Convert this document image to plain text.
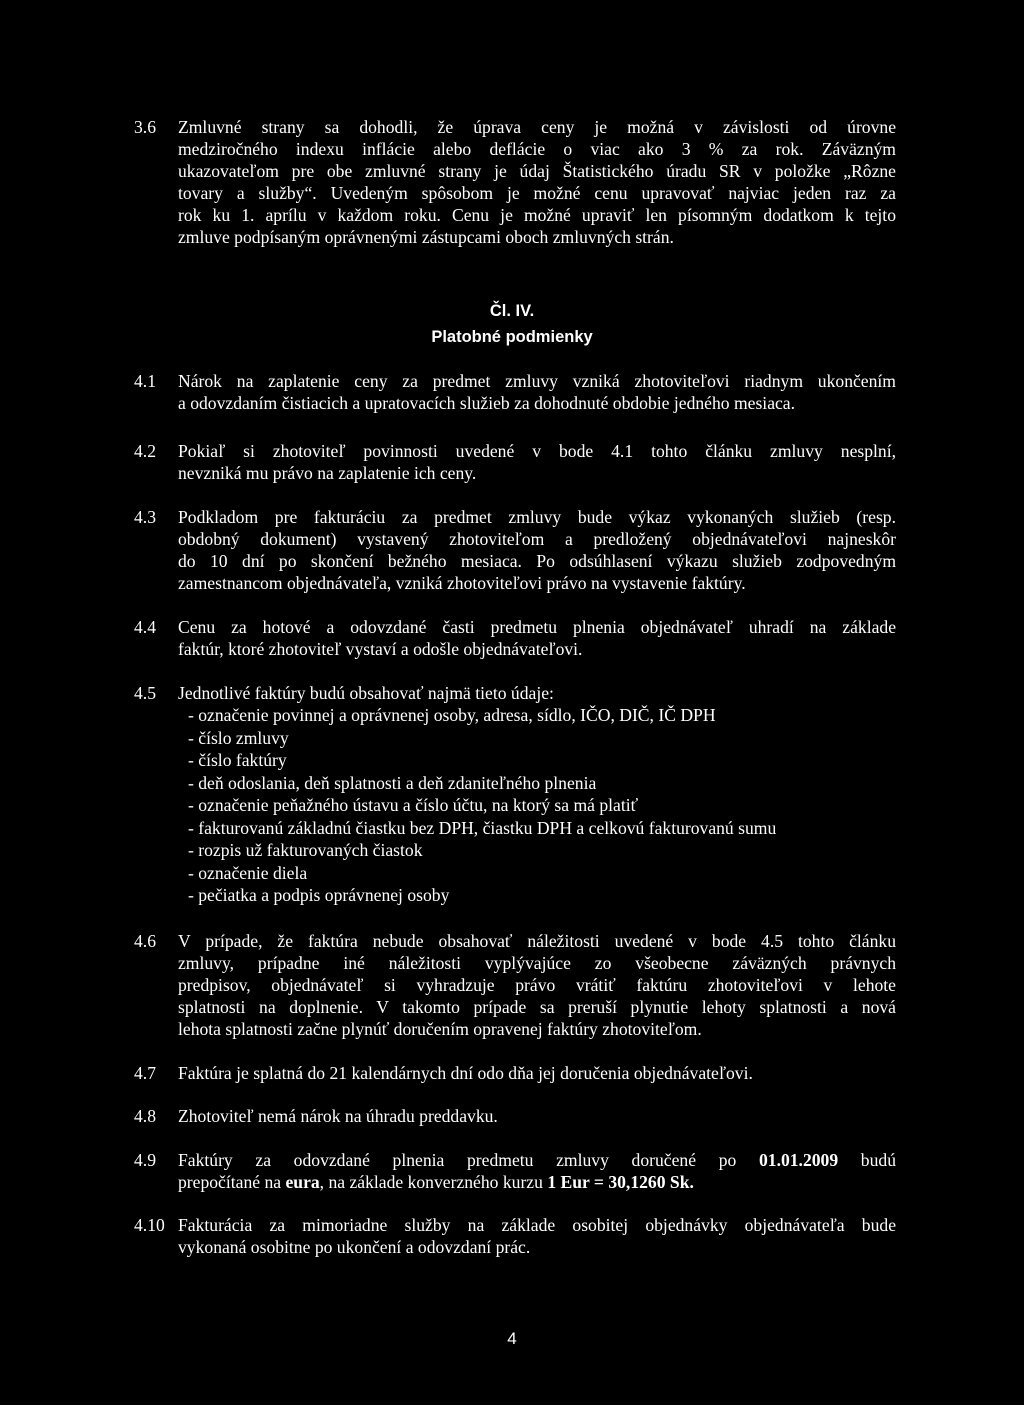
3.6	Zmluvné strany sa dohodli, že úprava ceny je možná v závislosti od úrovne
medziročného indexu inflácie alebo deflácie o viac ako 3 % za rok. Záväzným
ukazovateľom pre obe zmluvné strany je údaj Štatistického úradu SR v položke „Rôzne
tovary a služby“. Uvedeným spôsobom je možné cenu upravovať najviac jeden raz za
rok ku 1. aprílu v každom roku. Cenu je možné upraviť len písomným dodatkom k tejto
zmluve podpísaným oprávnenými zástupcami oboch zmluvných strán.
Čl. IV.
Platobné podmienky
4.1	Nárok na zaplatenie ceny za predmet zmluvy vzniká zhotoviteľovi riadnym ukončením
a odovzdaním čistiacich a upratovacích služieb za dohodnuté obdobie jedného mesiaca.
4.2	Pokiaľ si zhotoviteľ povinnosti uvedené v bode 4.1 tohto článku zmluvy nesplní,
nevzniká mu právo na zaplatenie ich ceny.
4.3	Podkladom pre fakturáciu za predmet zmluvy bude výkaz vykonaných služieb (resp.
obdobný dokument) vystavený zhotoviteľom a predložený objednávateľovi najneskôr
do 10 dní po skončení bežného mesiaca. Po odsúhlasení výkazu služieb zodpovedným
zamestnancom objednávateľa, vzniká zhotoviteľovi právo na vystavenie faktúry.
4.4	Cenu za hotové a odovzdané časti predmetu plnenia objednávateľ uhradí na základe
faktúr, ktoré zhotoviteľ vystaví a odošle objednávateľovi.
4.5	Jednotlivé faktúry budú obsahovať najmä tieto údaje:
- označenie povinnej a oprávnenej osoby, adresa, sídlo, IČO, DIČ, IČ DPH
- číslo zmluvy
- číslo faktúry
- deň odoslania, deň splatnosti a deň zdaniteľného plnenia
- označenie peňažného ústavu a číslo účtu, na ktorý sa má platiť
- fakturovanú základnú čiastku bez DPH, čiastku DPH a celkovú fakturovanú sumu
- rozpis už fakturovaných čiastok
- označenie diela
- pečiatka a podpis oprávnenej osoby
4.6	V prípade, že faktúra nebude obsahovať náležitosti uvedené v bode 4.5 tohto článku
zmluvy, prípadne iné náležitosti vyplývajúce zo všeobecne záväzných právnych
predpisov, objednávateľ si vyhradzuje právo vrátiť faktúru zhotoviteľovi v lehote
splatnosti na doplnenie. V takomto prípade sa preruší plynutie lehoty splatnosti a nová
lehota splatnosti začne plynúť doručením opravenej faktúry zhotoviteľom.
4.7	Faktúra je splatná do 21 kalendárnych dní odo dňa jej doručenia objednávateľovi.
4.8	Zhotoviteľ nemá nárok na úhradu preddavku.
4.9	Faktúry za odovzdané plnenia predmetu zmluvy doručené po 01.01.2009 budú
prepočítané na eura, na základe konverzného kurzu 1 Eur = 30,1260 Sk.
4.10 Fakturácia za mimoriadne služby na základe osobitej objednávky objednávateľa bude
vykonaná osobitne po ukončení a odovzdaní prác.
4
